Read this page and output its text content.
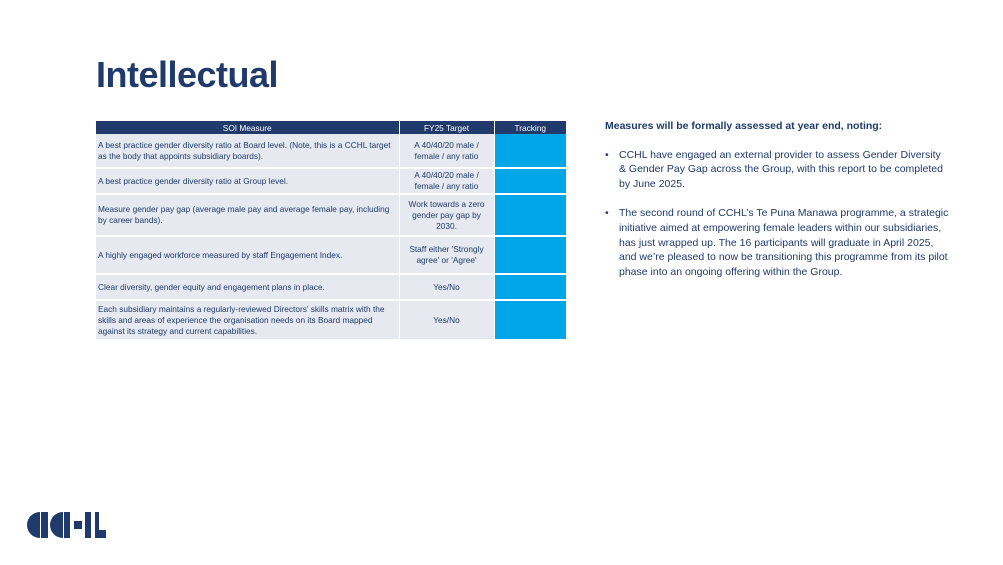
Intellectual
SOI Measure	FY25 Target	Tracking
A best practice gender diversity ratio at Board level. (Note, this is a CCHL target as the body that appoints subsidiary boards).	A 40/40/20 male / female / any ratio	
A best practice gender diversity ratio at Group level.	A 40/40/20 male / female / any ratio	
Measure gender pay gap (average male pay and average female pay, including by career bands).	Work towards a zero gender pay gap by 2030.	
A highly engaged workforce measured by staff Engagement Index.	Staff either 'Strongly agree' or 'Agree'	
Clear diversity, gender equity and engagement plans in place.	Yes/No	
Each subsidiary maintains a regularly-reviewed Directors’ skills matrix with the skills and areas of experience the organisation needs on its Board mapped against its strategy and current capabilities.	Yes/No	
Measures will be formally assessed at year end, noting:
• CCHL have engaged an external provider to assess Gender Diversity & Gender Pay Gap across the Group, with this report to be completed by June 2025.
• The second round of CCHL’s Te Puna Manawa programme, a strategic initiative aimed at empowering female leaders within our subsidiaries, has just wrapped up. The 16 participants will graduate in April 2025, and we’re pleased to now be transitioning this programme from its pilot phase into an ongoing offering within the Group.
